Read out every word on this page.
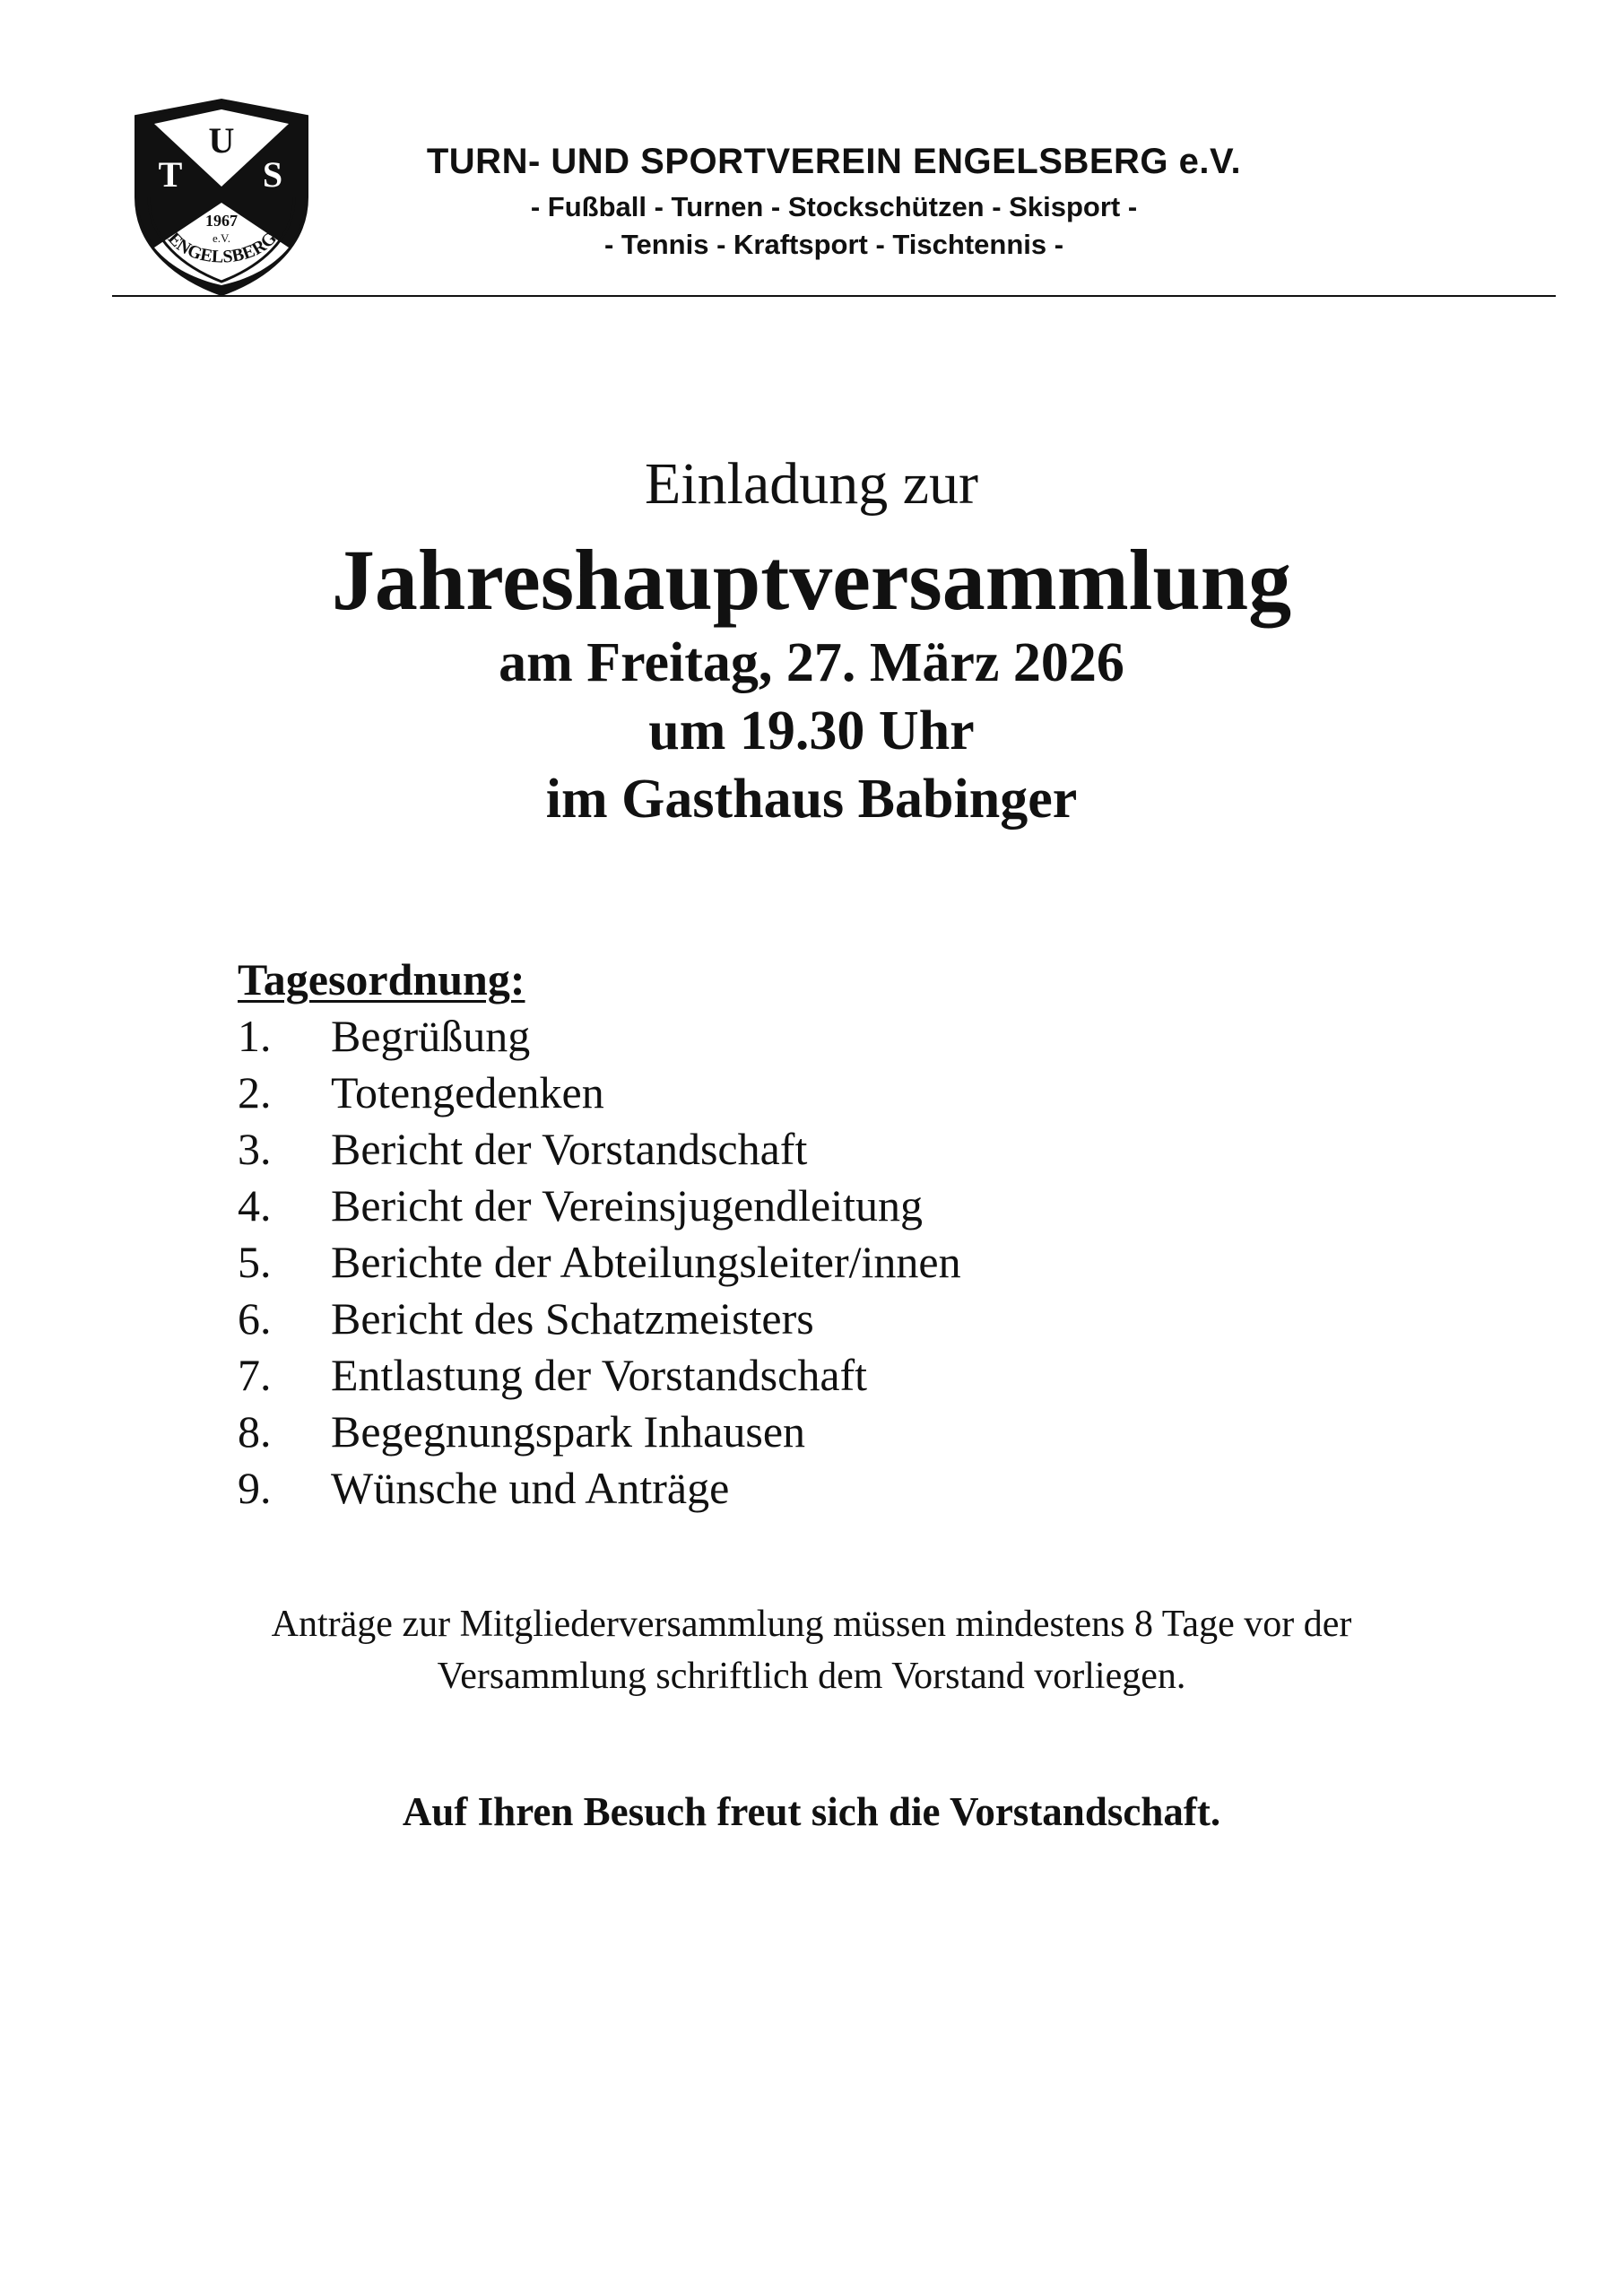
U
T S
1967
e.V.
ENGELSBERG
TURN- UND SPORTVEREIN ENGELSBERG e.V.
- Fußball - Turnen - Stockschützen - Skisport -
- Tennis - Kraftsport - Tischtennis -
Einladung zur
Jahreshauptversammlung
am Freitag, 27. März 2026
um 19.30 Uhr
im Gasthaus Babinger
Tagesordnung:
1.	Begrüßung
2.	Totengedenken
3.	Bericht der Vorstandschaft
4.	Bericht der Vereinsjugendleitung
5.	Berichte der Abteilungsleiter/innen
6.	Bericht des Schatzmeisters
7.	Entlastung der Vorstandschaft
8.	Begegnungspark Inhausen
9.	Wünsche und Anträge
Anträge zur Mitgliederversammlung müssen mindestens 8 Tage vor der
Versammlung schriftlich dem Vorstand vorliegen.
Auf Ihren Besuch freut sich die Vorstandschaft.
